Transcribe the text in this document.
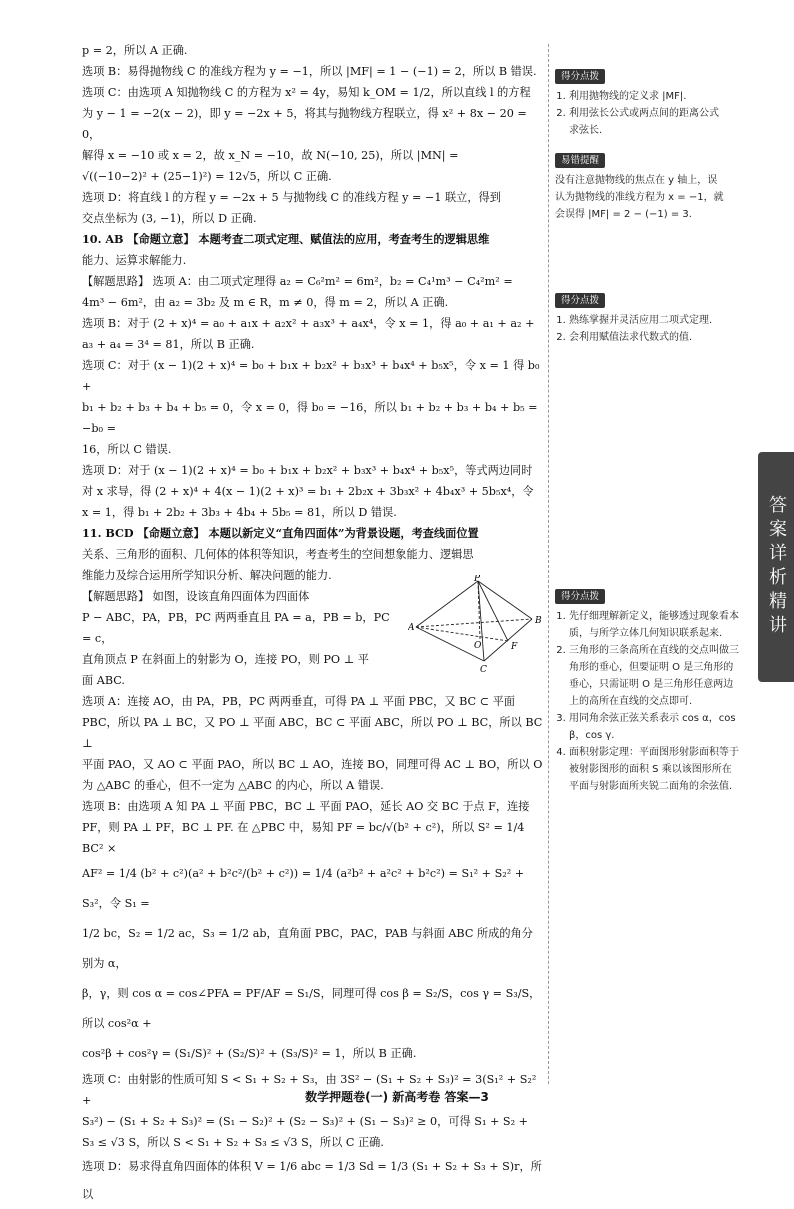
p = 2，所以 A 正确.

选项 B：易得抛物线 C 的准线方程为 y = −1，所以 |MF| = 1 − (−1) = 2，所以 B 错误.

选项 C：由选项 A 知抛物线 C 的方程为 x² = 4y，易知 k_OM = 1/2，所以直线 l 的方程

为 y − 1 = −2(x − 2)，即 y = −2x + 5，将其与抛物线方程联立，得 x² + 8x − 20 = 0，

解得 x = −10 或 x = 2，故 x_N = −10，故 N(−10, 25)，所以 |MN| =

√((−10−2)² + (25−1)²) = 12√5，所以 C 正确.

选项 D：将直线 l 的方程 y = −2x + 5 与抛物线 C 的准线方程 y = −1 联立，得到

交点坐标为 (3, −1)，所以 D 正确.

10. AB 【命题立意】 本题考查二项式定理、赋值法的应用，考查考生的逻辑思维

能力、运算求解能力.

【解题思路】 选项 A：由二项式定理得 a₂ = C₆²m² = 6m²，b₂ = C₄¹m³ − C₄²m² =

4m³ − 6m²，由 a₂ = 3b₂ 及 m ∈ R，m ≠ 0，得 m = 2，所以 A 正确.

选项 B：对于 (2 + x)⁴ = a₀ + a₁x + a₂x² + a₃x³ + a₄x⁴，令 x = 1，得 a₀ + a₁ + a₂ +

a₃ + a₄ = 3⁴ = 81，所以 B 正确.

选项 C：对于 (x − 1)(2 + x)⁴ = b₀ + b₁x + b₂x² + b₃x³ + b₄x⁴ + b₅x⁵，令 x = 1 得 b₀ +

b₁ + b₂ + b₃ + b₄ + b₅ = 0，令 x = 0，得 b₀ = −16，所以 b₁ + b₂ + b₃ + b₄ + b₅ = −b₀ =

16，所以 C 错误.

选项 D：对于 (x − 1)(2 + x)⁴ = b₀ + b₁x + b₂x² + b₃x³ + b₄x⁴ + b₅x⁵，等式两边同时

对 x 求导，得 (2 + x)⁴ + 4(x − 1)(2 + x)³ = b₁ + 2b₂x + 3b₃x² + 4b₄x³ + 5b₅x⁴，令

x = 1，得 b₁ + 2b₂ + 3b₃ + 4b₄ + 5b₅ = 81，所以 D 错误.

11. BCD 【命题立意】 本题以新定义“直角四面体”为背景设题，考查线面位置

关系、三角形的面积、几何体的体积等知识，考查考生的空间想象能力、逻辑思

维能力及综合运用所学知识分析、解决问题的能力.

【解题思路】 如图，设该直角四面体为四面体

P − ABC，PA，PB，PC 两两垂直且 PA = a，PB = b，PC = c，

直角顶点 P 在斜面上的射影为 O，连接 PO，则 PO ⊥ 平

面 ABC.

选项 A：连接 AO，由 PA，PB，PC 两两垂直，可得 PA ⊥ 平面 PBC，又 BC ⊂ 平面

PBC，所以 PA ⊥ BC，又 PO ⊥ 平面 ABC，BC ⊂ 平面 ABC，所以 PO ⊥ BC，所以 BC ⊥

平面 PAO，又 AO ⊂ 平面 PAO，所以 BC ⊥ AO，连接 BO，同理可得 AC ⊥ BO，所以 O

为 △ABC 的垂心，但不一定为 △ABC 的内心，所以 A 错误.

选项 B：由选项 A 知 PA ⊥ 平面 PBC，BC ⊥ 平面 PAO，延长 AO 交 BC 于点 F，连接

PF，则 PA ⊥ PF，BC ⊥ PF. 在 △PBC 中，易知 PF = bc/√(b² + c²)，所以 S² = 1/4 BC² ×

AF² = 1/4 (b² + c²)(a² + b²c²/(b² + c²)) = 1/4 (a²b² + a²c² + b²c²) = S₁² + S₂² + S₃²，令 S₁ =

1/2 bc，S₂ = 1/2 ac，S₃ = 1/2 ab，直角面 PBC，PAC，PAB 与斜面 ABC 所成的角分别为 α，

β，γ，则 cos α = cos∠PFA = PF/AF = S₁/S，同理可得 cos β = S₂/S，cos γ = S₃/S，所以 cos²α +

cos²β + cos²γ = (S₁/S)² + (S₂/S)² + (S₃/S)² = 1，所以 B 正确.

选项 C：由射影的性质可知 S < S₁ + S₂ + S₃，由 3S² − (S₁ + S₂ + S₃)² = 3(S₁² + S₂² +

S₃²) − (S₁ + S₂ + S₃)² = (S₁ − S₂)² + (S₂ − S₃)² + (S₁ − S₃)² ≥ 0，可得 S₁ + S₂ +

S₃ ≤ √3 S，所以 S < S₁ + S₂ + S₃ ≤ √3 S，所以 C 正确.

选项 D：易求得直角四面体的体积 V = 1/6 abc = 1/3 Sd = 1/3 (S₁ + S₂ + S₃ + S)r，所以

P
A
B
C
O	F
得分点拨
1. 利用抛物线的定义求 |MF|.
2. 利用弦长公式或两点间的距离公式求弦长.
易错提醒
没有注意抛物线的焦点在 y 轴上，误认为抛物线的准线方程为 x = −1，就会误得 |MF| = 2 − (−1) = 3.
得分点拨
1. 熟练掌握并灵活应用二项式定理.
2. 会利用赋值法求代数式的值.
得分点拨
1. 先仔细理解新定义，能够透过现象看本质，与所学立体几何知识联系起来.
2. 三角形的三条高所在直线的交点叫做三角形的垂心，但要证明 O 是三角形的垂心，只需证明 O 是三角形任意两边上的高所在直线的交点即可.
3. 用同角余弦正弦关系表示 cos α，cos β，cos γ.
4. 面积射影定理：平面图形射影面积等于被射影图形的面积 S 乘以该图形所在平面与射影面所夹锐二面角的余弦值.
答案详析精讲
数学押题卷(一) 新高考卷 答案—3
